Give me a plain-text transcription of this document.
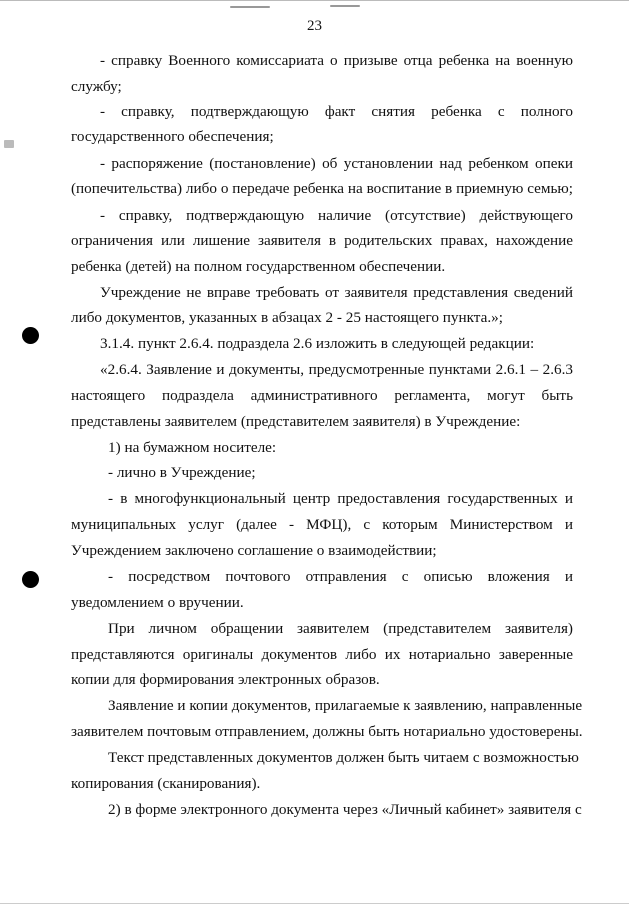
23
- справку Военного комиссариата о призыве отца ребенка на военную
службу;
- справку, подтверждающую факт снятия ребенка с полного
государственного обеспечения;
- распоряжение (постановление) об установлении над ребенком опеки
(попечительства) либо о передаче ребенка на воспитание в приемную семью;
- справку, подтверждающую наличие (отсутствие) действующего
ограничения или лишение заявителя в родительских правах, нахождение
ребенка (детей) на полном государственном обеспечении.
Учреждение не вправе требовать от заявителя представления сведений
либо документов, указанных в абзацах 2 - 25 настоящего пункта.»;
3.1.4. пункт 2.6.4. подраздела 2.6 изложить в следующей редакции:
«2.6.4. Заявление и документы, предусмотренные пунктами 2.6.1 – 2.6.3
настоящего подраздела административного регламента, могут быть
представлены заявителем (представителем заявителя) в Учреждение:
1) на бумажном носителе:
- лично в Учреждение;
- в многофункциональный центр предоставления государственных и
муниципальных услуг (далее - МФЦ), с которым Министерством и
Учреждением заключено соглашение о взаимодействии;
- посредством почтового отправления с описью вложения и
уведомлением о вручении.
При личном обращении заявителем (представителем заявителя)
представляются оригиналы документов либо их нотариально заверенные
копии для формирования электронных образов.
Заявление и копии документов, прилагаемые к заявлению, направленные
заявителем почтовым отправлением, должны быть нотариально удостоверены.
Текст представленных документов должен быть читаем с возможностью
копирования (сканирования).
2) в форме электронного документа через «Личный кабинет» заявителя с
